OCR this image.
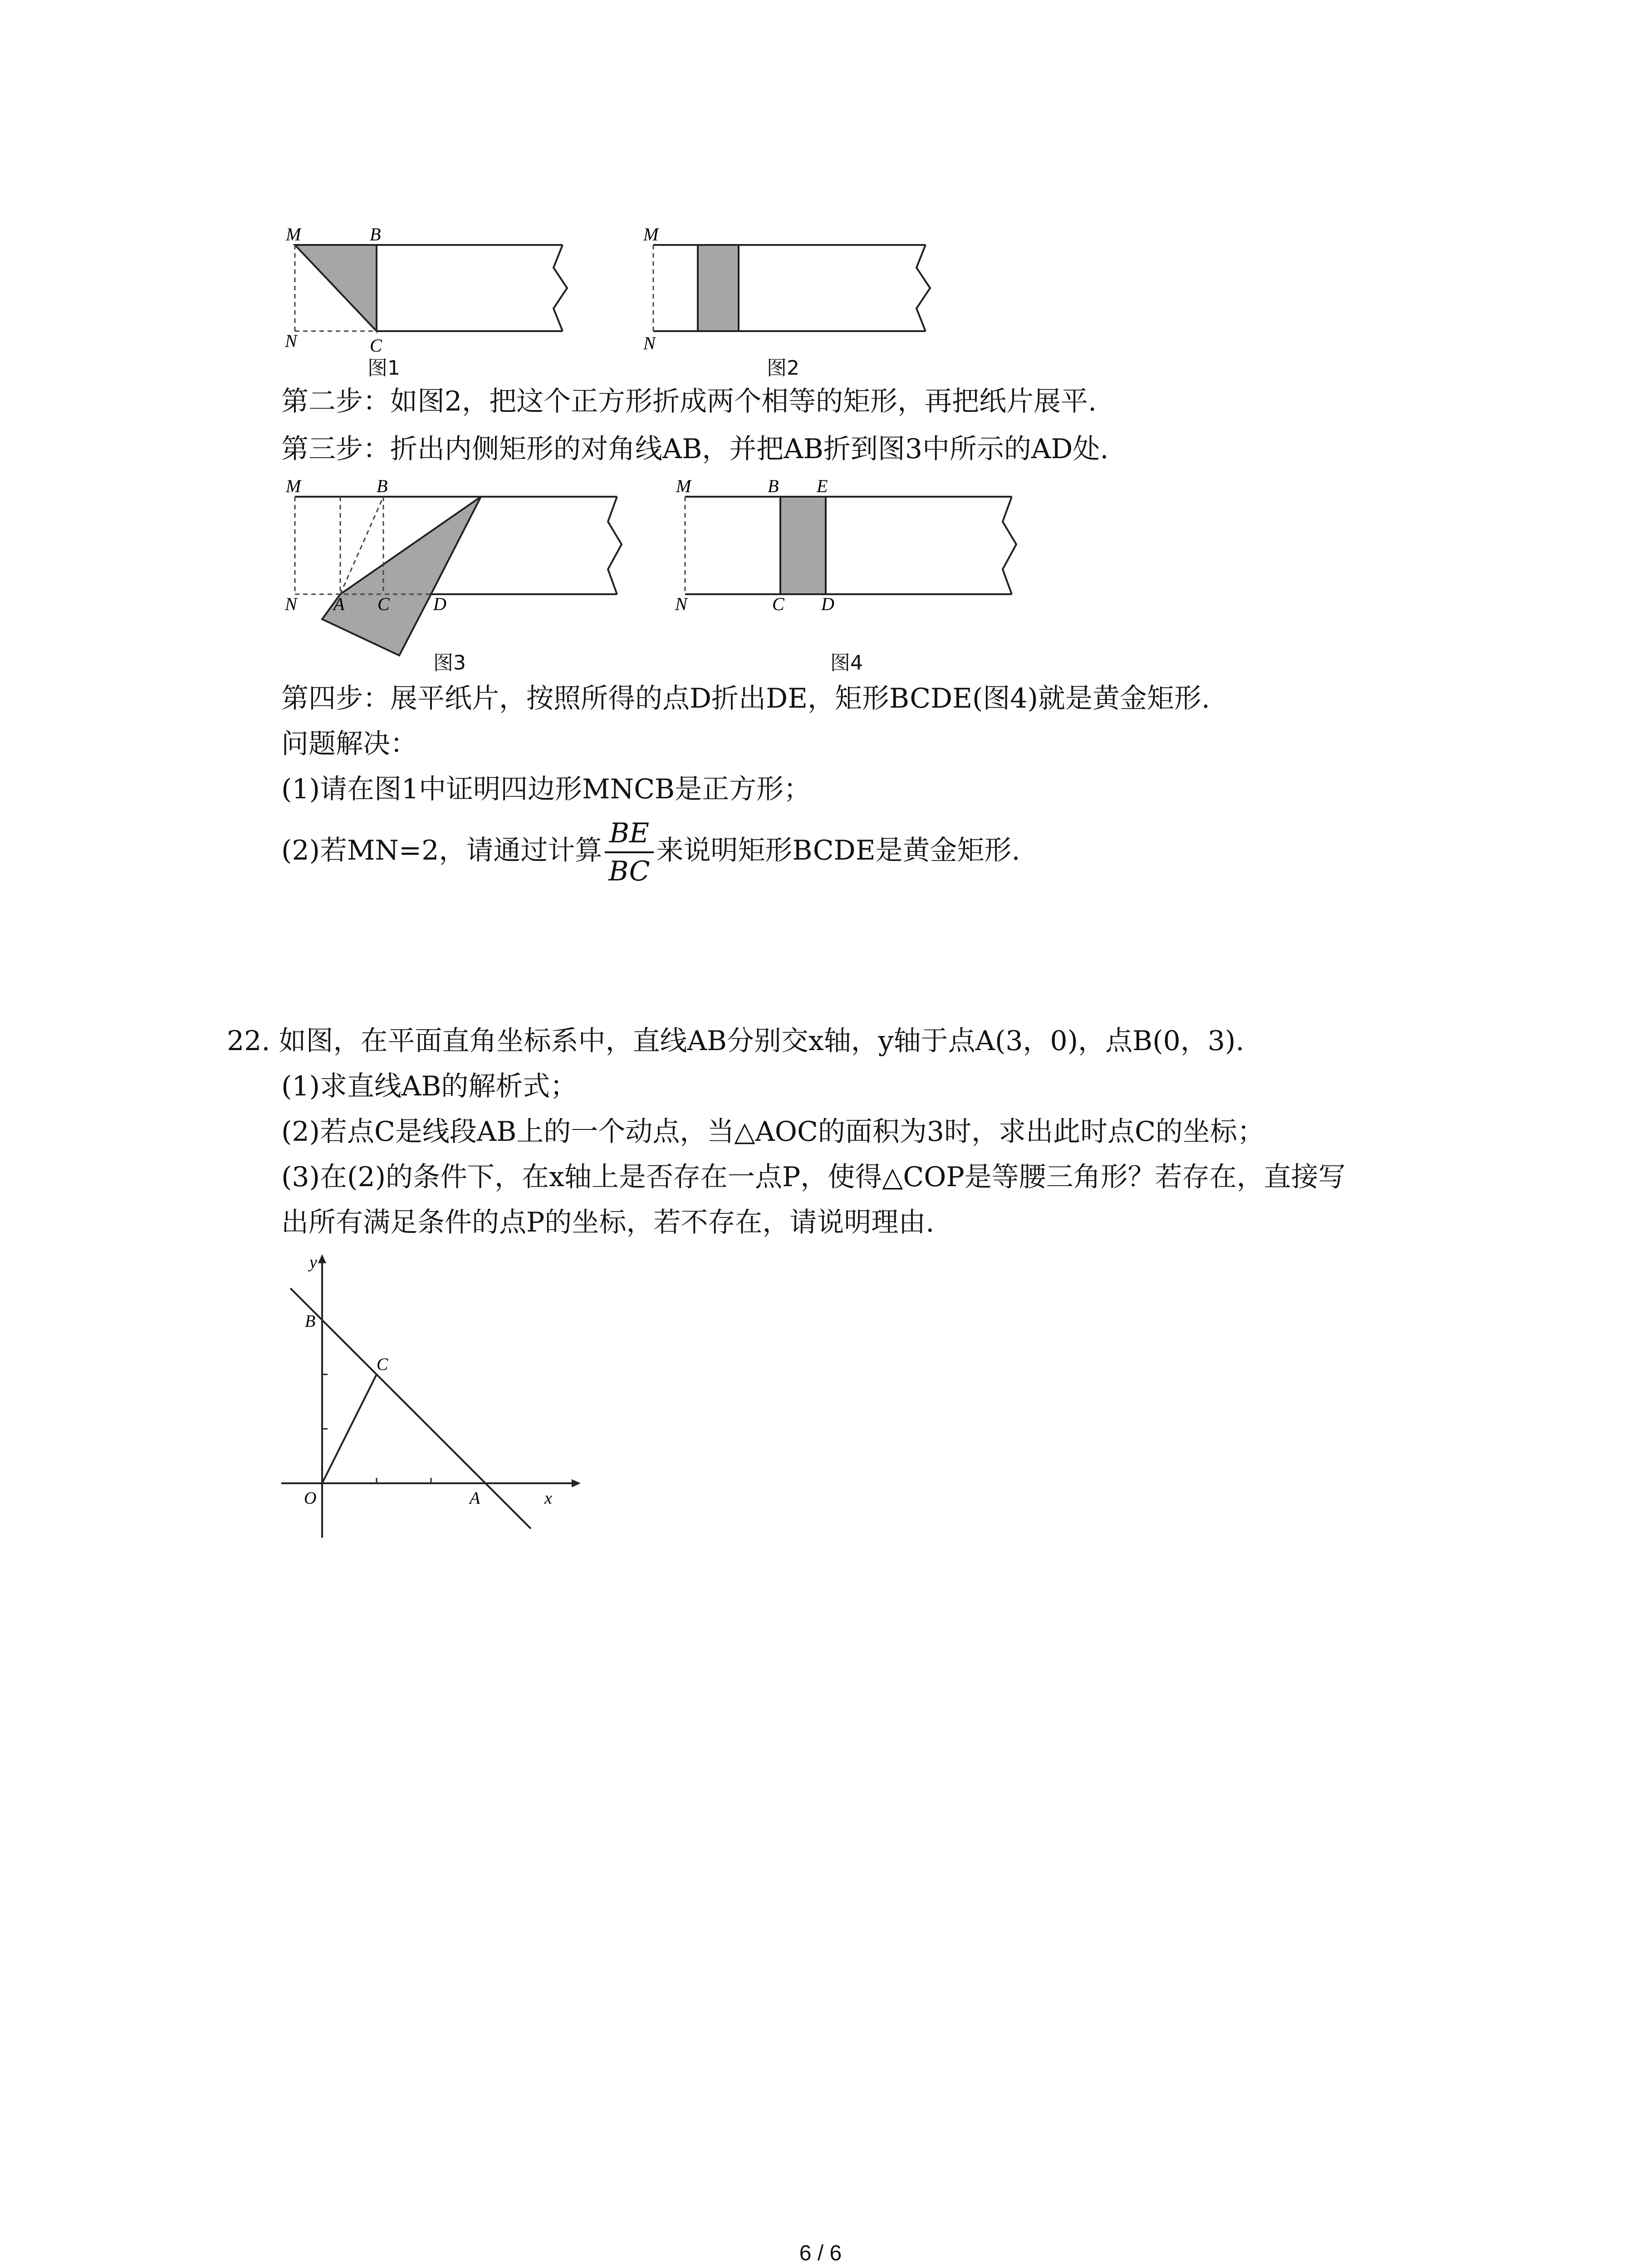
M	B
N	C
图1
M
N
图2
第二步：如图2，把这个正方形折成两个相等的矩形，再把纸片展平.
第三步：折出内侧矩形的对角线AB，并把AB折到图3中所示的AD处.
M	B
N A C D
图3
M	B E
N	C D
图4
第四步：展平纸片，按照所得的点D折出DE，矩形BCDE(图4)就是黄金矩形.
问题解决：
(1)请在图1中证明四边形MNCB是正方形；
(2)若MN=2，请通过计算 $\frac{BE}{BC}$ 来说明矩形BCDE是黄金矩形.
22. 如图，在平面直角坐标系中，直线AB分别交x轴，y轴于点A(3，0)，点B(0，3).
(1)求直线AB的解析式；
(2)若点C是线段AB上的一个动点，当△AOC的面积为3时，求出此时点C的坐标；
(3)在(2)的条件下，在x轴上是否存在一点P，使得△COP是等腰三角形？若存在，直接写
出所有满足条件的点P的坐标，若不存在，请说明理由.
y
B
C
O	A	x
6 / 6
